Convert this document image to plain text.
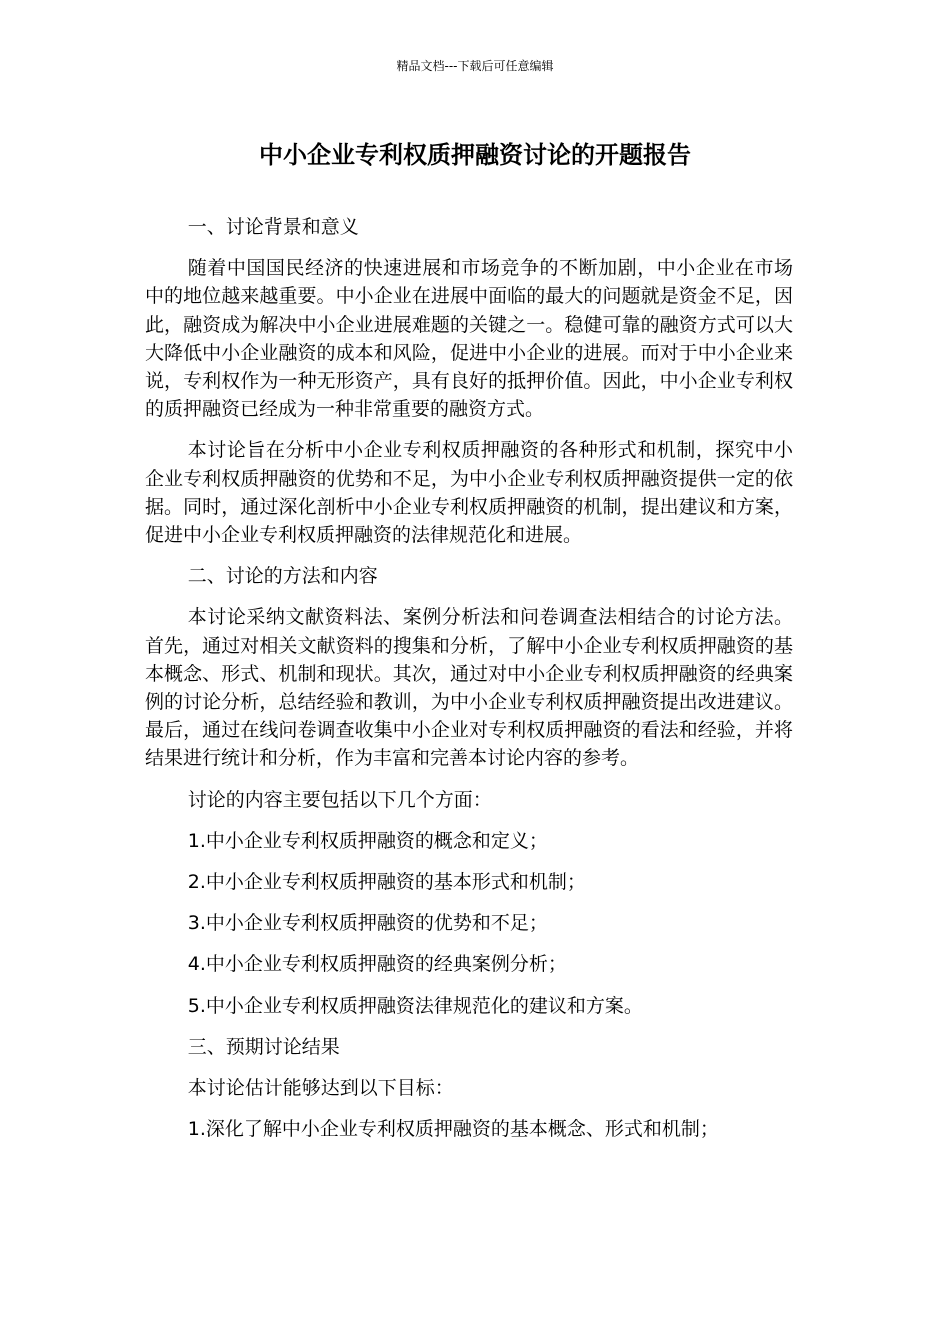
精品文档---下载后可任意编辑
中小企业专利权质押融资讨论的开题报告

一、讨论背景和意义

随着中国国民经济的快速进展和市场竞争的不断加剧，中小企业在市场中的地位越来越重要。中小企业在进展中面临的最大的问题就是资金不足，因此，融资成为解决中小企业进展难题的关键之一。稳健可靠的融资方式可以大大降低中小企业融资的成本和风险，促进中小企业的进展。而对于中小企业来说，专利权作为一种无形资产，具有良好的抵押价值。因此，中小企业专利权的质押融资已经成为一种非常重要的融资方式。

本讨论旨在分析中小企业专利权质押融资的各种形式和机制，探究中小企业专利权质押融资的优势和不足，为中小企业专利权质押融资提供一定的依据。同时，通过深化剖析中小企业专利权质押融资的机制，提出建议和方案，促进中小企业专利权质押融资的法律规范化和进展。

二、讨论的方法和内容

本讨论采纳文献资料法、案例分析法和问卷调查法相结合的讨论方法。首先，通过对相关文献资料的搜集和分析，了解中小企业专利权质押融资的基本概念、形式、机制和现状。其次，通过对中小企业专利权质押融资的经典案例的讨论分析，总结经验和教训，为中小企业专利权质押融资提出改进建议。最后，通过在线问卷调查收集中小企业对专利权质押融资的看法和经验，并将结果进行统计和分析，作为丰富和完善本讨论内容的参考。

讨论的内容主要包括以下几个方面：

1.中小企业专利权质押融资的概念和定义；

2.中小企业专利权质押融资的基本形式和机制；

3.中小企业专利权质押融资的优势和不足；

4.中小企业专利权质押融资的经典案例分析；

5.中小企业专利权质押融资法律规范化的建议和方案。

三、预期讨论结果

本讨论估计能够达到以下目标：

1.深化了解中小企业专利权质押融资的基本概念、形式和机制；
